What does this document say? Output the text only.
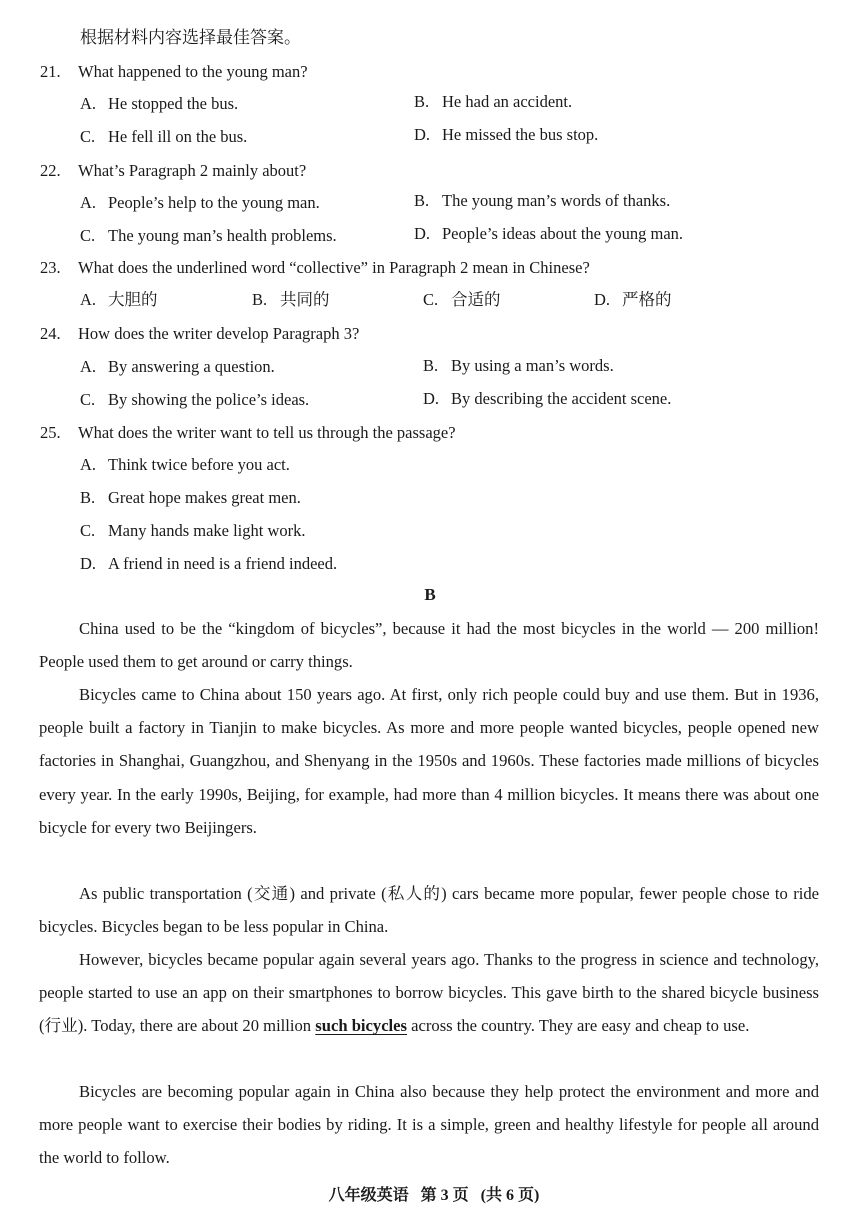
根据材料内容选择最佳答案。
21. What happened to the young man?
A. He stopped the bus.	B. He had an accident.
C. He fell ill on the bus.	D. He missed the bus stop.
22. What’s Paragraph 2 mainly about?
A. People’s help to the young man.	B. The young man’s words of thanks.
C. The young man’s health problems.	D. People’s ideas about the young man.
23. What does the underlined word “collective” in Paragraph 2 mean in Chinese?
A. 大胆的	B. 共同的	C. 合适的	D. 严格的
24. How does the writer develop Paragraph 3?
A. By answering a question.	B. By using a man’s words.
C. By showing the police’s ideas.	D. By describing the accident scene.
25. What does the writer want to tell us through the passage?
A. Think twice before you act.
B. Great hope makes great men.
C. Many hands make light work.
D. A friend in need is a friend indeed.
B
China used to be the “kingdom of bicycles”, because it had the most bicycles in the world — 200 million! People used them to get around or carry things.
Bicycles came to China about 150 years ago. At first, only rich people could buy and use them. But in 1936, people built a factory in Tianjin to make bicycles. As more and more people wanted bicycles, people opened new factories in Shanghai, Guangzhou, and Shenyang in the 1950s and 1960s. These factories made millions of bicycles every year. In the early 1990s, Beijing, for example, had more than 4 million bicycles. It means there was about one bicycle for every two Beijingers.
As public transportation (交通) and private (私人的) cars became more popular, fewer people chose to ride bicycles. Bicycles began to be less popular in China.
However, bicycles became popular again several years ago. Thanks to the progress in science and technology, people started to use an app on their smartphones to borrow bicycles. This gave birth to the shared bicycle business (行业). Today, there are about 20 million such bicycles across the country. They are easy and cheap to use.
Bicycles are becoming popular again in China also because they help protect the environment and more and more people want to exercise their bodies by riding. It is a simple, green and healthy lifestyle for people all around the world to follow.
八年级英语 第 3 页 (共 6 页)
